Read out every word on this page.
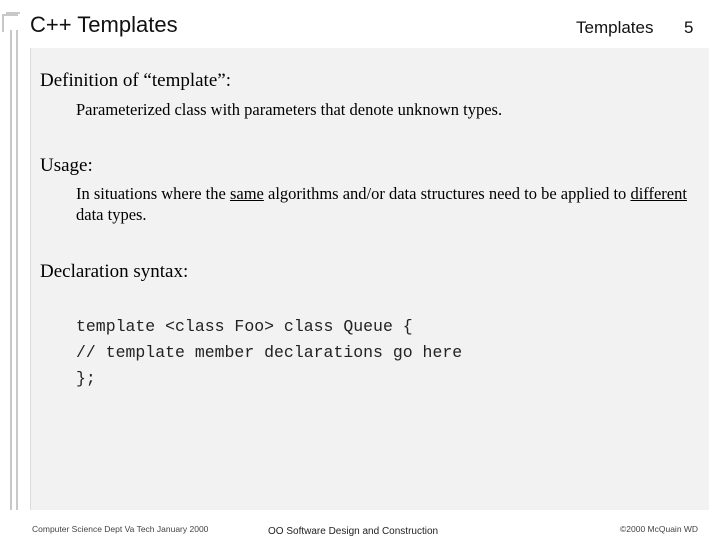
C++ Templates	Templates 5
Definition of “template”:
Parameterized class with parameters that denote unknown types.
Usage:
In situations where the same algorithms and/or data structures need to be applied to different data types.
Declaration syntax:
template <class Foo> class Queue {
// template member declarations go here
};
Computer Science Dept Va Tech January 2000	OO Software Design and Construction	©2000 McQuain WD
